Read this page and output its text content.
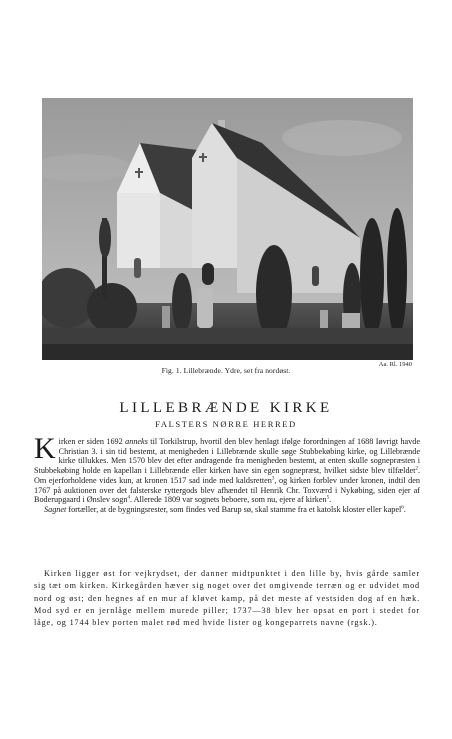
Aa. Rl. 1940
Fig. 1. Lillebrænde. Ydre, set fra nordøst.
LILLEBRÆNDE KIRKE
FALSTERS NØRRE HERRED

Kirken er siden 1692 anneks til Torkilstrup, hvortil den blev henlagt ifølge forordningen af 1688 Iøvrigt havde Christian 3. i sin tid bestemt, at menigheden i Lillebrænde skulle søge Stubbekøbing kirke, og Lillebrænde kirke tillukkes. Men 1570 blev det efter andragende fra menigheden bestemt, at enten skulle sognepræsten i Stubbekøbing holde en kapellan i Lillebrænde eller kirken have sin egen sognepræst, hvilket sidste blev tilfældet$^2$. Om ejerforholdene vides kun, at kronen 1517 sad inde med kaldsretten$^3$, og kirken forblev under kronen, indtil den 1767 på auktionen over det falsterske ryttergods blev afhændet til Henrik Chr. Toxværd i Nykøbing, siden ejer af Boderupgaard i Ønslev sogn$^4$. Allerede 1809 var sognets beboere, som nu, ejere af kirken$^5$.

Sagnet fortæller, at de bygningsrester, som findes ved Barup sø, skal stamme fra et katolsk kloster eller kapel$^6$.

Kirken ligger øst for vejkrydset, der danner midtpunktet i den lille by, hvis gårde samler sig tæt om kirken. Kirkegården hæver sig noget over det omgivende terræn og er udvidet mod nord og øst; den hegnes af en mur af kløvet kamp, på det meste af vestsiden dog af en hæk. Mod syd er en jernlåge mellem murede piller; 1737—38 blev her opsat en port i stedet for låge, og 1744 blev porten malet rød med hvide lister og kongeparrets navne (rgsk.).
